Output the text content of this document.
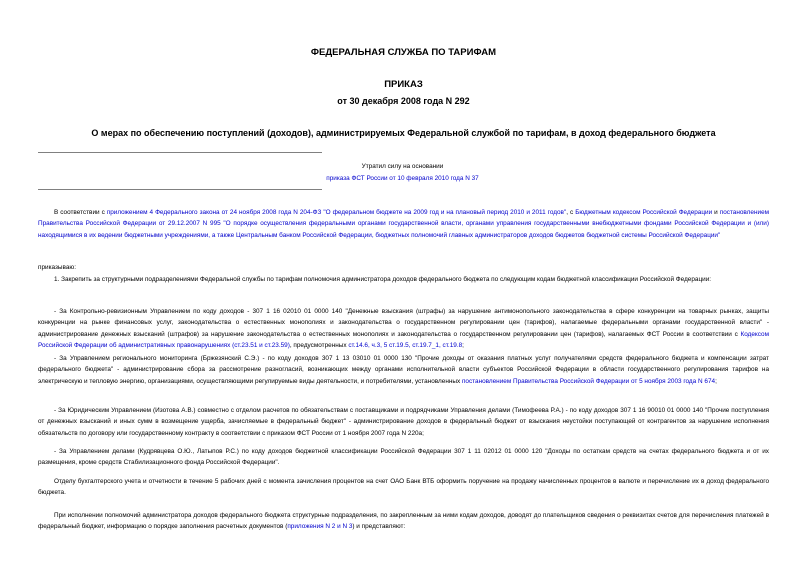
ФЕДЕРАЛЬНАЯ СЛУЖБА ПО ТАРИФАМ
ПРИКАЗ
от 30 декабря 2008 года N 292
О мерах по обеспечению поступлений (доходов), администрируемых Федеральной службой по тарифам, в доход федерального бюджета
Утратил силу на основании
приказа ФСТ России от 10 февраля 2010 года N 37
В соответствии с приложением 4 Федерального закона от 24 ноября 2008 года N 204-ФЗ "О федеральном бюджете на 2009 год и на плановый период 2010 и 2011 годов", с Бюджетным кодексом Российской Федерации и постановлением Правительства Российской Федерации от 29.12.2007 N 995 "О порядке осуществления федеральными органами государственной власти, органами управления государственными внебюджетными фондами Российской Федерации и (или) находящимися в их ведении бюджетными учреждениями, а также Центральным банком Российской Федерации, бюджетных полномочий главных администраторов доходов бюджетов бюджетной системы Российской Федерации"
приказываю:
1. Закрепить за структурными подразделениями Федеральной службы по тарифам полномочия администратора доходов федерального бюджета по следующим кодам бюджетной классификации Российской Федерации:
- За Контрольно-ревизионным Управлением по коду доходов - 307 1 16 02010 01 0000 140 "Денежные взыскания (штрафы) за нарушение антимонопольного законодательства в сфере конкуренции на товарных рынках, защиты конкуренции на рынке финансовых услуг, законодательства о естественных монополиях и законодательства о государственном регулировании цен (тарифов), налагаемые федеральными органами государственной власти" - администрирование денежных взысканий (штрафов) за нарушение законодательства о естественных монополиях и законодательства о государственном регулировании цен (тарифов), налагаемых ФСТ России в соответствии с Кодексом Российской Федерации об административных правонарушениях (ст.23.51 и ст.23.59), предусмотренных ст.14.6, ч.3, 5 ст.19.5, ст.19.7_1, ст.19.8;
- За Управлением регионального мониторинга (Бржезянский С.Э.) - по коду доходов 307 1 13 03010 01 0000 130 "Прочие доходы от оказания платных услуг получателями средств федерального бюджета и компенсации затрат федерального бюджета" - администрирование сбора за рассмотрение разногласий, возникающих между органами исполнительной власти субъектов Российской Федерации в области государственного регулирования тарифов на электрическую и тепловую энергию, организациями, осуществляющими регулируемые виды деятельности, и потребителями, установленных постановлением Правительства Российской Федерации от 5 ноября 2003 года N 674;
- За Юридическим Управлением (Изотова А.В.) совместно с отделом расчетов по обязательствам с поставщиками и подрядчиками Управления делами (Тимофеева Р.А.) - по коду доходов 307 1 16 90010 01 0000 140 "Прочие поступления от денежных взысканий и иных сумм в возмещение ущерба, зачисляемые в федеральный бюджет" - администрирование доходов в федеральный бюджет от взыскания неустойки поступающей от контрагентов за нарушение исполнения обязательств по договору или государственному контракту в соответствии с приказом ФСТ России от 1 ноября 2007 года N 220а;
- За Управлением делами (Кудрявцева О.Ю., Латыпов Р.С.) по коду доходов бюджетной классификации Российской Федерации 307 1 11 02012 01 0000 120 "Доходы по остаткам средств на счетах федерального бюджета и от их размещения, кроме средств Стабилизационного фонда Российской Федерации".
Отделу бухгалтерского учета и отчетности в течение 5 рабочих дней с момента зачисления процентов на счет ОАО Банк ВТБ оформить поручение на продажу начисленных процентов в валюте и перечисление их в доход федерального бюджета.
При исполнении полномочий администратора доходов федерального бюджета структурные подразделения, по закрепленным за ними кодам доходов, доводят до плательщиков сведения о реквизитах счетов для перечисления платежей в федеральный бюджет, информацию о порядке заполнения расчетных документов (приложения N 2 и N 3) и представляют:
